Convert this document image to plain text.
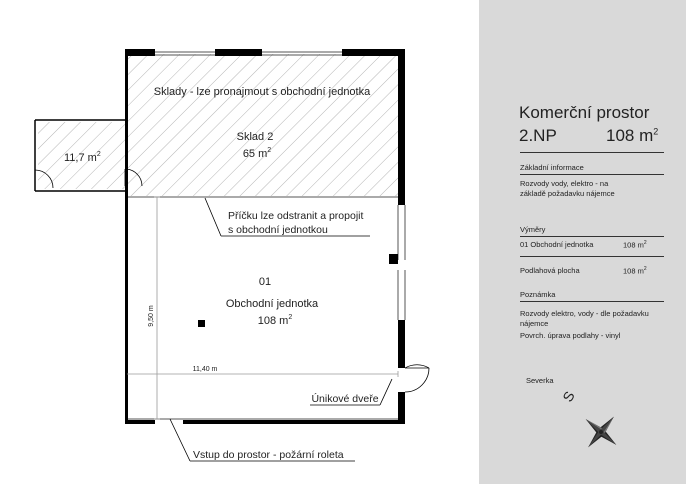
Sklady - lze pronajmout s obchodní jednotka
Sklad 2
65 $m^2$
11,7 $m^2$
Příčku lze odstranit a propojit
s obchodní jednotkou
01
Obchodní jednotka
108 $m^2$
11,40 m
9,50 m
Únikové dveře
Vstup do prostor - požární roleta
Komerční prostor
2.NP	108 $m^2$
Základní informace
Rozvody vody, elektro - na
základě požadavku nájemce
Výměry
01 Obchodní jednotka	108 $m^2$
Podlahová plocha	108 $m^2$
Poznámka
Rozvody elektro, vody - dle požadavku
nájemce
Povrch. úprava podlahy - vinyl
Severka
S
